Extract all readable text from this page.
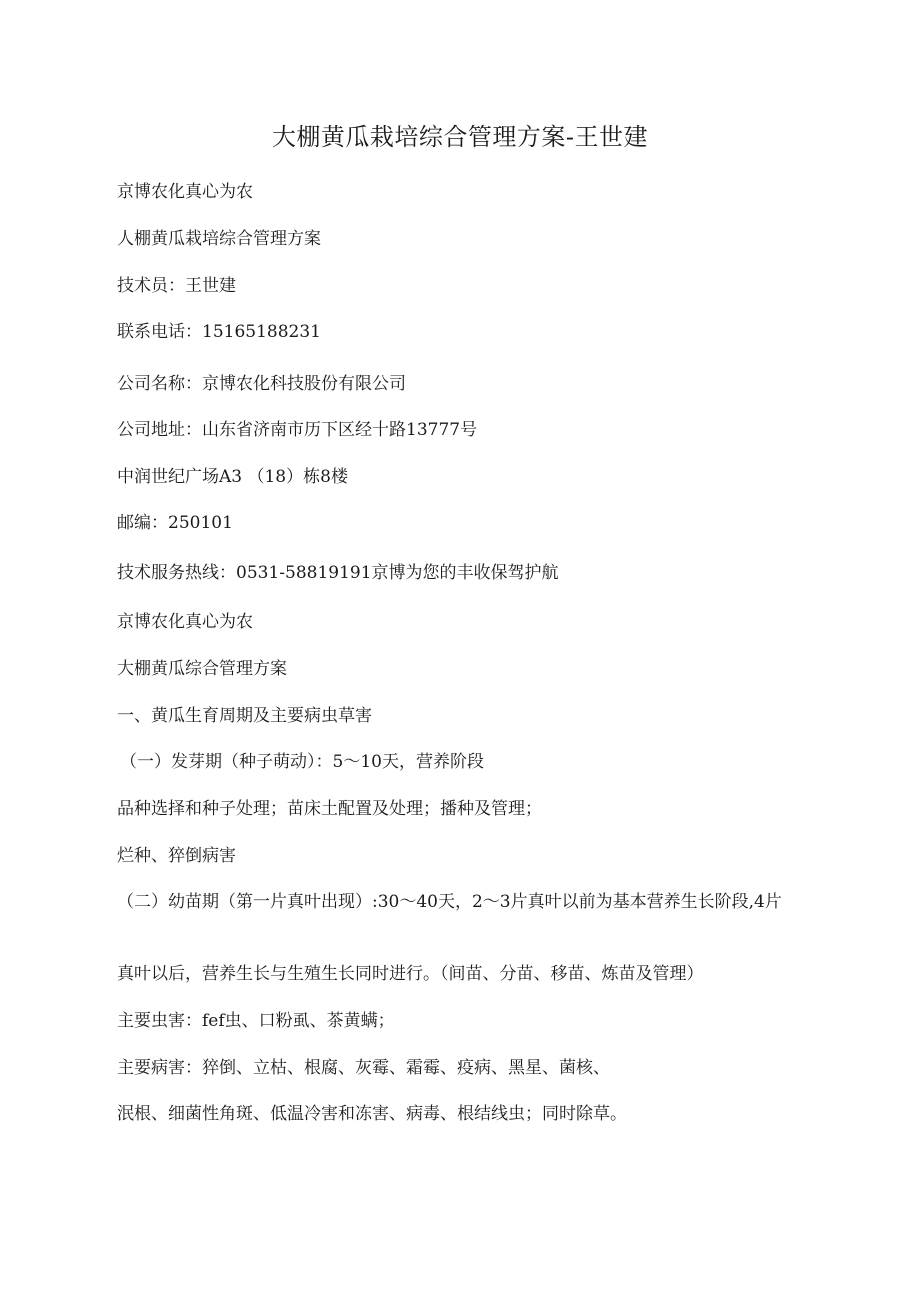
大棚黄瓜栽培综合管理方案-王世建
京博农化真心为农
人棚黄瓜栽培综合管理方案
技术员：王世建
联系电话：15165188231
公司名称：京博农化科技股份有限公司
公司地址：山东省济南市历下区经十路13777号
中润世纪广场A3 （18）栋8楼
邮编：250101
技术服务热线：0531-58819191京博为您的丰收保驾护航
京博农化真心为农
大棚黄瓜综合管理方案
一、黄瓜生育周期及主要病虫草害
（一）发芽期（种子萌动）：5～10天，营养阶段
品种选择和种子处理；苗床土配置及处理；播种及管理；
烂种、猝倒病害
（二）幼苗期（第一片真叶出现）:30～40天，2～3片真叶以前为基本营养生长阶段,4片
真叶以后，营养生长与生殖生长同时进行。（间苗、分苗、移苗、炼苗及管理）
主要虫害：fef虫、口粉虱、茶黄螨；
主要病害：猝倒、立枯、根腐、灰霉、霜霉、疫病、黑星、菌核、
泯根、细菌性角斑、低温冷害和冻害、病毒、根结线虫；同时除草。
